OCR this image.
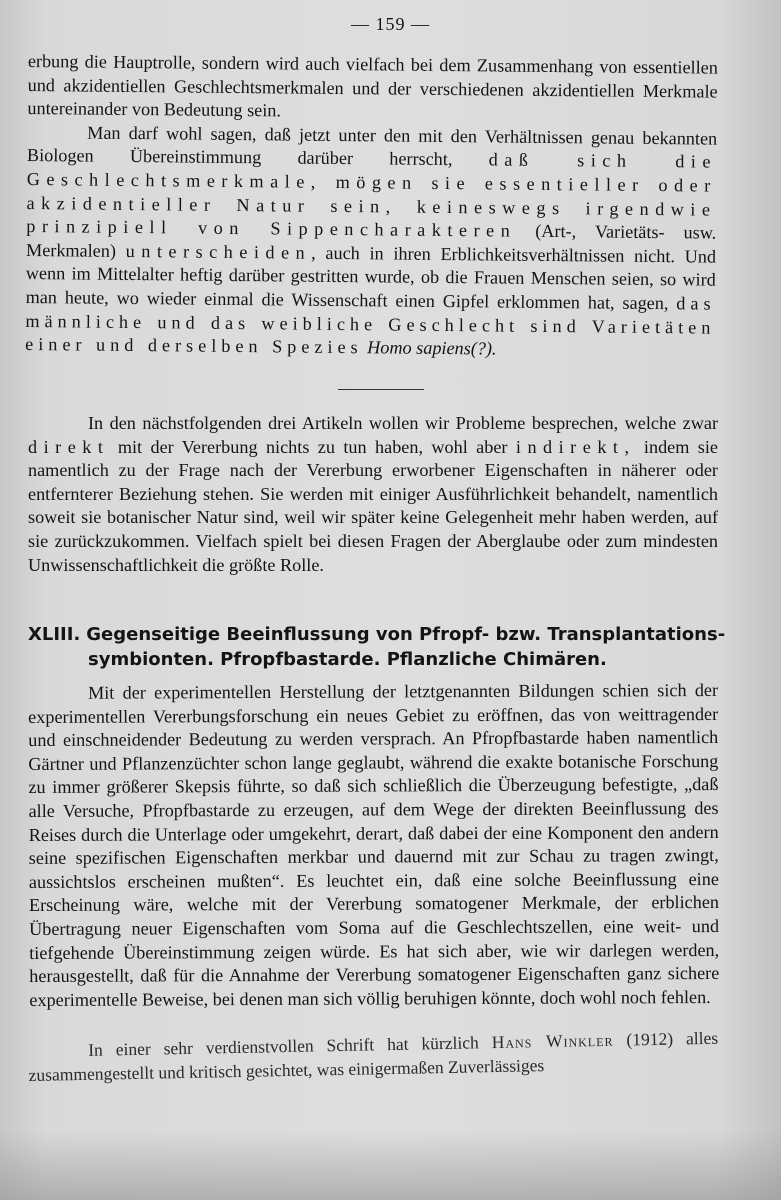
— 159 —

erbung die Hauptrolle, sondern wird auch vielfach bei dem Zusammenhang von essentiellen und akzidentiellen Geschlechtsmerkmalen und der verschiedenen akzidentiellen Merkmale untereinander von Bedeutung sein.

Man darf wohl sagen, daß jetzt unter den mit den Verhältnissen genau bekannten Biologen Übereinstimmung darüber herrscht, daß sich die Geschlechtsmerkmale, mögen sie essentieller oder akzidentieller Natur sein, keineswegs irgendwie prinzipiell von Sippencharakteren (Art-, Varietäts- usw. Merkmalen) unterscheiden, auch in ihren Erblichkeitsverhältnissen nicht. Und wenn im Mittelalter heftig darüber gestritten wurde, ob die Frauen Menschen seien, so wird man heute, wo wieder einmal die Wissenschaft einen Gipfel erklommen hat, sagen, das männliche und das weibliche Geschlecht sind Varietäten einer und derselben Spezies Homo sapiens(?).

In den nächstfolgenden drei Artikeln wollen wir Probleme besprechen, welche zwar direkt mit der Vererbung nichts zu tun haben, wohl aber indirekt, indem sie namentlich zu der Frage nach der Vererbung erworbener Eigenschaften in näherer oder entfernterer Beziehung stehen. Sie werden mit einiger Ausführlichkeit behandelt, namentlich soweit sie botanischer Natur sind, weil wir später keine Gelegenheit mehr haben werden, auf sie zurückzukommen. Vielfach spielt bei diesen Fragen der Aberglaube oder zum mindesten Unwissenschaftlichkeit die größte Rolle.

XLIII. Gegenseitige Beeinflussung von Pfropf- bzw. Transplantations-
symbionten. Pfropfbastarde. Pflanzliche Chimären.

Mit der experimentellen Herstellung der letztgenannten Bildungen schien sich der experimentellen Vererbungsforschung ein neues Gebiet zu eröffnen, das von weittragender und einschneidender Bedeutung zu werden versprach. An Pfropfbastarde haben namentlich Gärtner und Pflanzenzüchter schon lange geglaubt, während die exakte botanische Forschung zu immer größerer Skepsis führte, so daß sich schließlich die Überzeugung befestigte, „daß alle Versuche, Pfropfbastarde zu erzeugen, auf dem Wege der direkten Beeinflussung des Reises durch die Unterlage oder umgekehrt, derart, daß dabei der eine Komponent den andern seine spezifischen Eigenschaften merkbar und dauernd mit zur Schau zu tragen zwingt, aussichtslos erscheinen mußten“. Es leuchtet ein, daß eine solche Beeinflussung eine Erscheinung wäre, welche mit der Vererbung somatogener Merkmale, der erblichen Übertragung neuer Eigenschaften vom Soma auf die Geschlechtszellen, eine weit- und tiefgehende Übereinstimmung zeigen würde. Es hat sich aber, wie wir darlegen werden, herausgestellt, daß für die Annahme der Vererbung somatogener Eigenschaften ganz sichere experimentelle Beweise, bei denen man sich völlig beruhigen könnte, doch wohl noch fehlen.

In einer sehr verdienstvollen Schrift hat kürzlich Hans Winkler (1912) alles zusammengestellt und kritisch gesichtet, was einigermaßen Zuverlässiges
